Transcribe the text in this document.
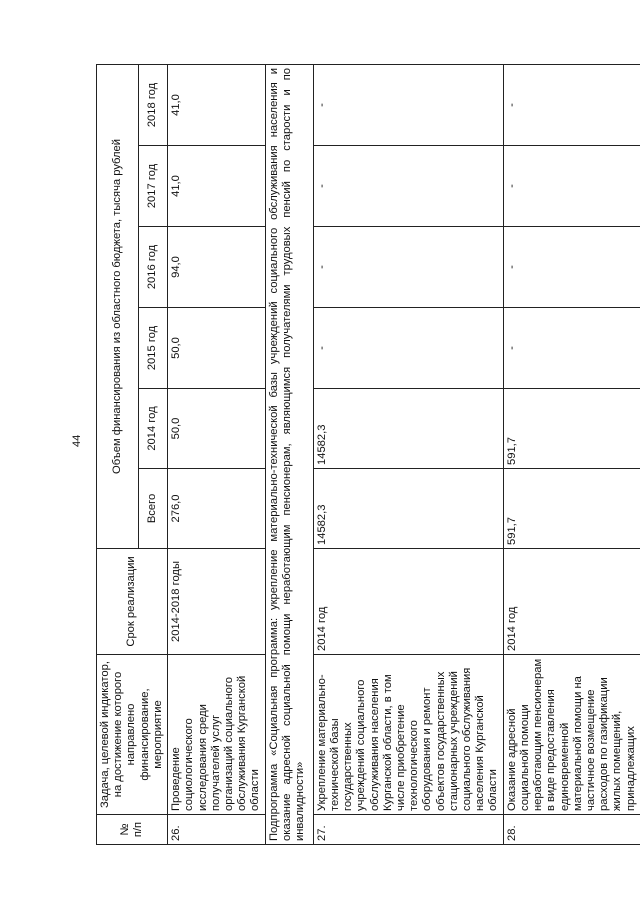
44
№ п/п	Задача, целевой индикатор, на достижение которого направлено финансирование, мероприятие	Срок реализации	Объем финансирования из областного бюджета, тысяча рублей					
			Всего	2014 год	2015 год	2016 год	2017 год	2018 год
26.	Проведение социологического исследования среди получателей услуг организаций социального обслуживания Курганской области	2014-2018 годы	276,0	50,0	50,0	94,0	41,0	41,0
Подпрограмма «Социальная программа: укрепление материально-технической базы учреждений социального обслуживания населения и оказание адресной социальной помощи неработающим пенсионерам, являющимся получателями трудовых пенсий по старости и по инвалидности»								
27.	Укрепление материально-технической базы государственных учреждений социального обслуживания населения Курганской области, в том числе приобретение технологического оборудования и ремонт объектов государственных стационарных учреждений социального обслуживания населения Курганской области	2014 год	14582,3	14582,3	-	-	-	-
28.	Оказание адресной социальной помощи неработающим пенсионерам в виде предоставления единовременной материальной помощи на частичное возмещение расходов по газификации жилых помещений, принадлежащих	2014 год	591,7	591,7	-	-	-	-
